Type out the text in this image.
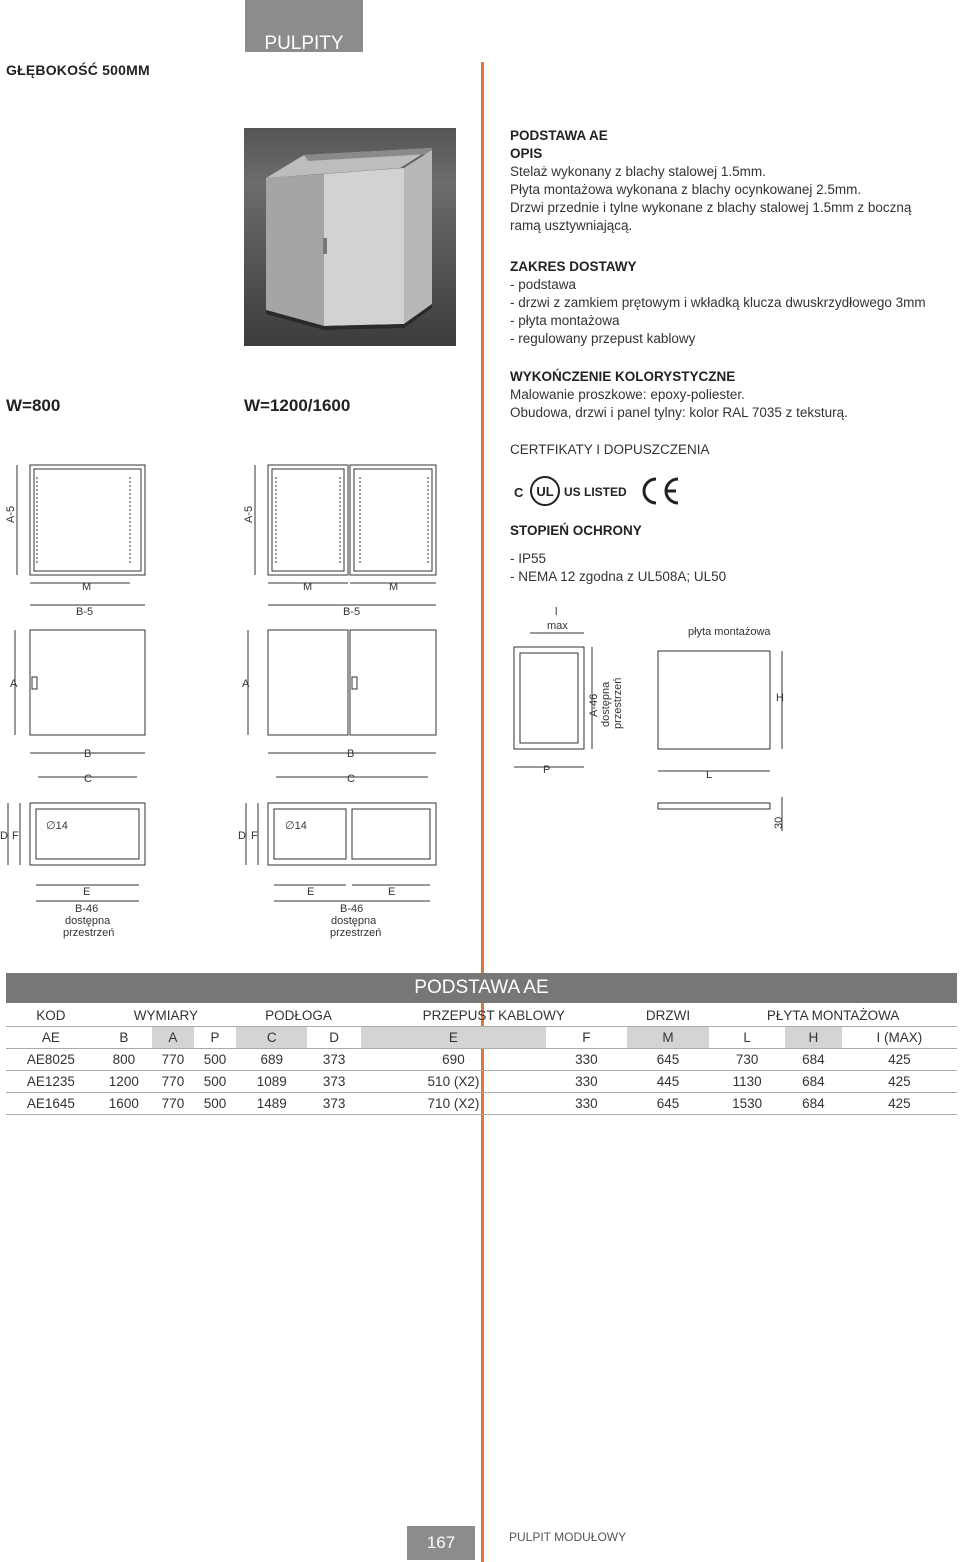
PULPITY
GŁĘBOKOŚĆ 500MM
W=800	W=1200/1600
PODSTAWA AE
OPIS
Stelaż wykonany z blachy stalowej 1.5mm.
Płyta montażowa wykonana z blachy ocynkowanej 2.5mm.
Drzwi przednie i tylne wykonane z blachy stalowej 1.5mm z boczną
ramą usztywniającą.
ZAKRES DOSTAWY
- podstawa
- drzwi z zamkiem prętowym i wkładką klucza dwuskrzydłowego 3mm
- płyta montażowa
- regulowany przepust kablowy
WYKOŃCZENIE KOLORYSTYCZNE
Malowanie proszkowe: epoxy-poliester.
Obudowa, drzwi i panel tylny: kolor RAL 7035 z teksturą.
CERTFIKATY I DOPUSZCZENIA
C UL US LISTED
CE
STOPIEŃ OCHRONY
- IP55
- NEMA 12 zgodna z UL508A; UL50
M
B-5
M	M
B-5
B	B
C	C
A	A
D F	D F
∅14	∅14
E	E	E
B-46	B-46
dostępna	dostępna
przestrzeń	przestrzeń
A-5	A-5
l
max	płyta montażowa
P
H
L
A-46 dostępna przestrzeń
30
PODSTAWA AE
KOD	WYMIARY			PODŁOGA		PRZEPUST KABLOWY		DRZWI	PŁYTA MONTAŻOWA		
AE	B	A	P	C	D	E	F	M	L	H	I (MAX)
AE8025	800	770	500	689	373	690	330	645	730	684	425
AE1235	1200	770	500	1089	373	510 (X2)	330	445	1130	684	425
AE1645	1600	770	500	1489	373	710 (X2)	330	645	1530	684	425
167	PULPIT MODUŁOWY
